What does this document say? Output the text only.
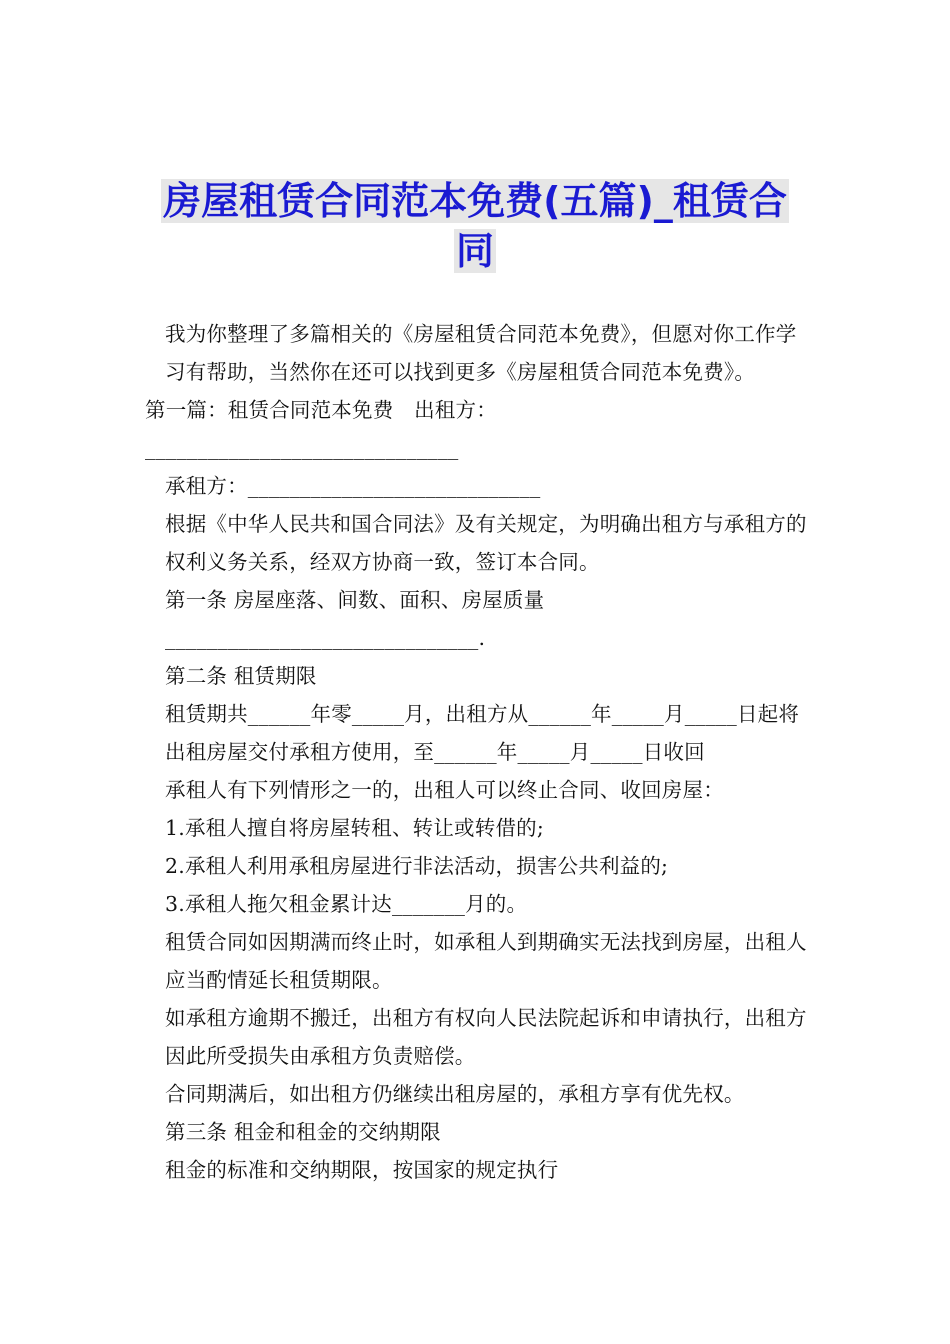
房屋租赁合同范本免费(五篇)_租赁合
同

我为你整理了多篇相关的《房屋租赁合同范本免费》，但愿对你工作学习有帮助，当然你在还可以找到更多《房屋租赁合同范本免费》。

第一篇：租赁合同范本免费　出租方：______________________________

承租方：____________________________

根据《中华人民共和国合同法》及有关规定，为明确出租方与承租方的权利义务关系，经双方协商一致，签订本合同。

第一条 房屋座落、间数、面积、房屋质量______________________________.

第二条 租赁期限

租赁期共______年零_____月，出租方从______年_____月_____日起将出租房屋交付承租方使用，至______年_____月_____日收回

承租人有下列情形之一的，出租人可以终止合同、收回房屋：

1.承租人擅自将房屋转租、转让或转借的;

2.承租人利用承租房屋进行非法活动，损害公共利益的;

3.承租人拖欠租金累计达_______月的。

租赁合同如因期满而终止时，如承租人到期确实无法找到房屋，出租人应当酌情延长租赁期限。

如承租方逾期不搬迁，出租方有权向人民法院起诉和申请执行，出租方因此所受损失由承租方负责赔偿。

合同期满后，如出租方仍继续出租房屋的，承租方享有优先权。

第三条 租金和租金的交纳期限

租金的标准和交纳期限，按国家的规定执行
